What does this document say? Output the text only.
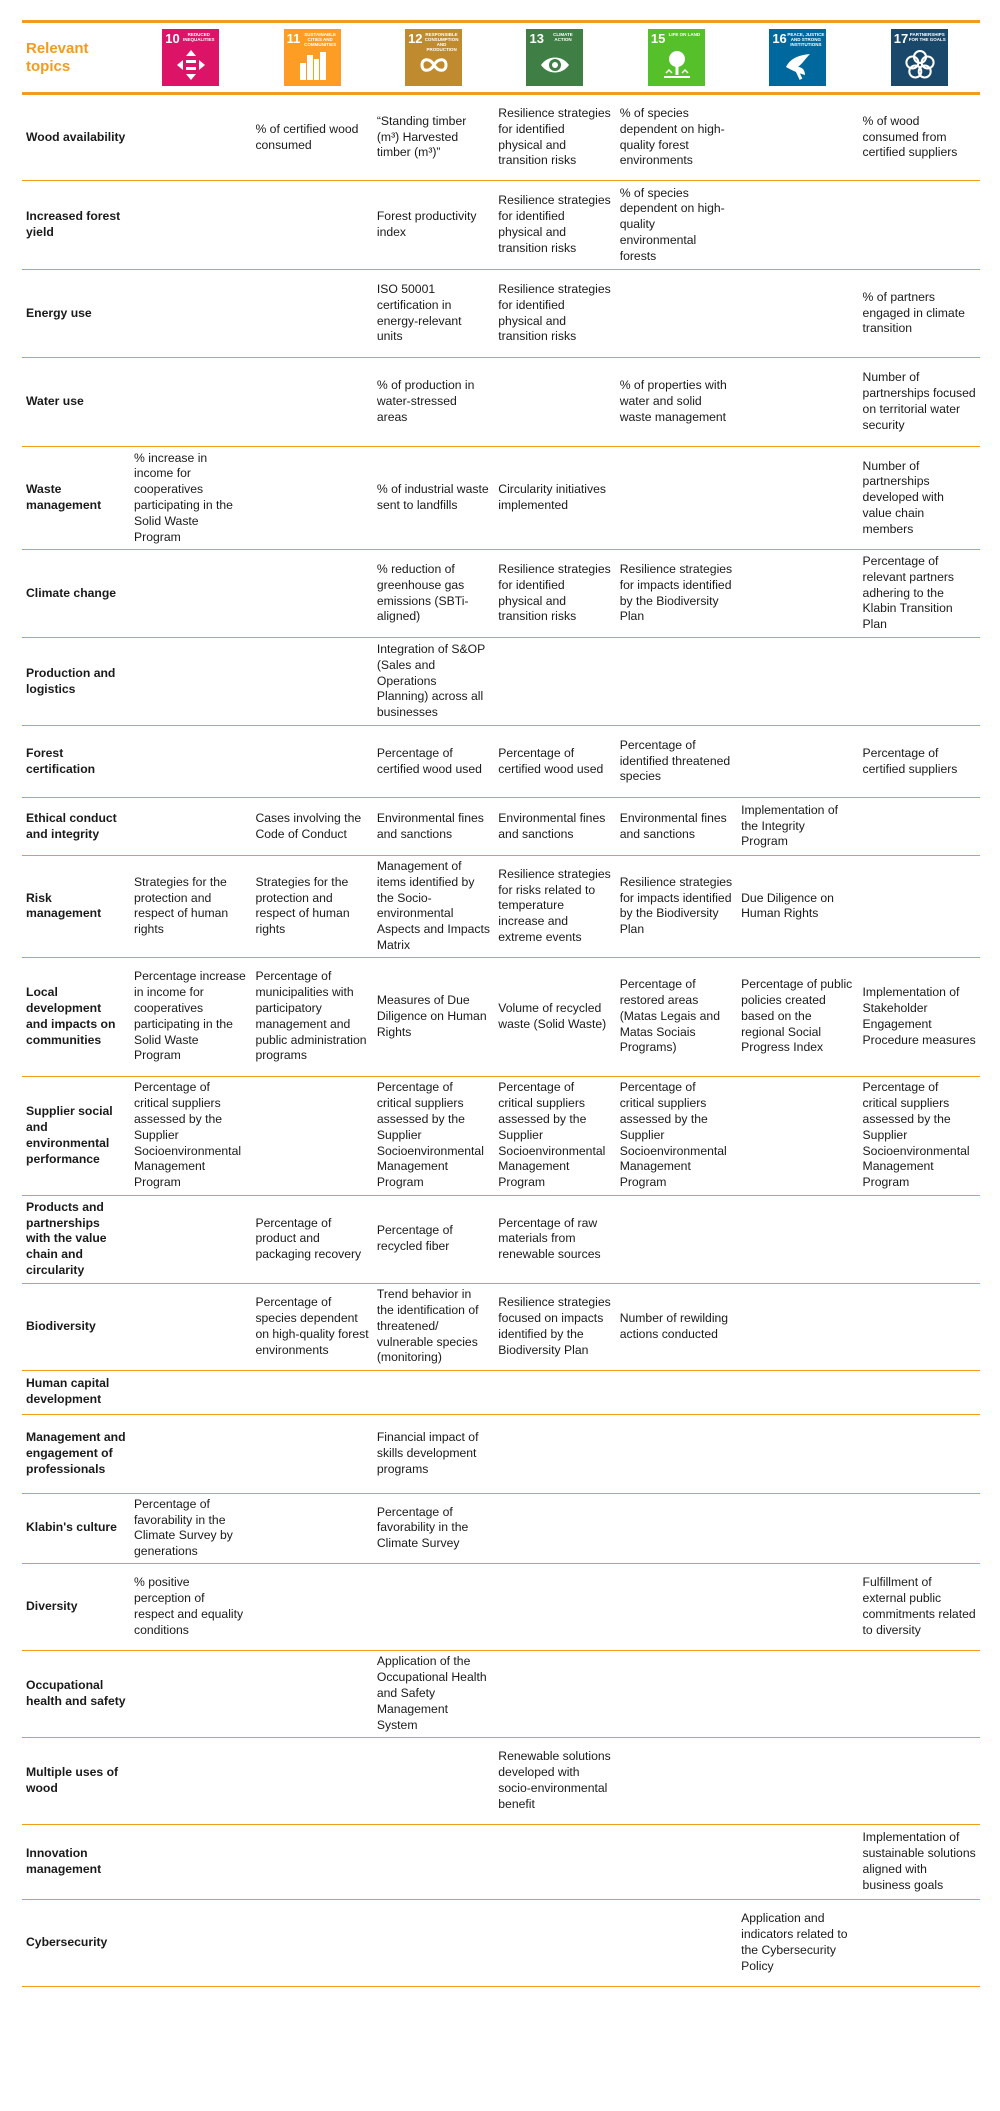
Relevant topics	10 REDUCED INEQUALITIES	11 SUSTAINABLE CITIES AND COMMUNITIES	12 RESPONSIBLE CONSUMPTION AND PRODUCTION	13 CLIMATE ACTION	15 LIFE ON LAND	16 PEACE, JUSTICE AND STRONG INSTITUTIONS	17 PARTNERSHIPS FOR THE GOALS

Wood availability		% of certified wood consumed	“Standing timber (m³) Harvested timber (m³)”	Resilience strategies for identified physical and transition risks	% of species dependent on high-quality forest environments		% of wood consumed from certified suppliers
Increased forest yield			Forest productivity index	Resilience strategies for identified physical and transition risks	% of species dependent on high-quality environmental forests		
Energy use			ISO 50001 certification in energy-relevant units	Resilience strategies for identified physical and transition risks			% of partners engaged in climate transition
Water use			% of production in water-stressed areas		% of properties with water and solid waste management		Number of partnerships focused on territorial water security
Waste management	% increase in income for cooperatives participating in the Solid Waste Program		% of industrial waste sent to landfills	Circularity initiatives implemented			Number of partnerships developed with value chain members
Climate change			% reduction of greenhouse gas emissions (SBTi-aligned)	Resilience strategies for identified physical and transition risks	Resilience strategies for impacts identified by the Biodiversity Plan		Percentage of relevant partners adhering to the Klabin Transition Plan
Production and logistics			Integration of S&OP (Sales and Operations Planning) across all businesses				
Forest certification			Percentage of certified wood used	Percentage of certified wood used	Percentage of identified threatened species		Percentage of certified suppliers
Ethical conduct and integrity		Cases involving the Code of Conduct	Environmental fines and sanctions	Environmental fines and sanctions	Environmental fines and sanctions	Implementation of the Integrity Program	
Risk management	Strategies for the protection and respect of human rights	Strategies for the protection and respect of human rights	Management of items identified by the Socio-environmental Aspects and Impacts Matrix	Resilience strategies for risks related to temperature increase and extreme events	Resilience strategies for impacts identified by the Biodiversity Plan	Due Diligence on Human Rights	
Local development and impacts on communities	Percentage increase in income for cooperatives participating in the Solid Waste Program	Percentage of municipalities with participatory management and public administration programs	Measures of Due Diligence on Human Rights	Volume of recycled waste (Solid Waste)	Percentage of restored areas (Matas Legais and Matas Sociais Programs)	Percentage of public policies created based on the regional Social Progress Index	Implementation of Stakeholder Engagement Procedure measures
Supplier social and environmental performance	Percentage of critical suppliers assessed by the Supplier Socioenvironmental Management Program		Percentage of critical suppliers assessed by the Supplier Socioenvironmental Management Program	Percentage of critical suppliers assessed by the Supplier Socioenvironmental Management Program	Percentage of critical suppliers assessed by the Supplier Socioenvironmental Management Program		Percentage of critical suppliers assessed by the Supplier Socioenvironmental Management Program
Products and partnerships with the value chain and circularity		Percentage of product and packaging recovery	Percentage of recycled fiber	Percentage of raw materials from renewable sources			
Biodiversity		Percentage of species dependent on high-quality forest environments	Trend behavior in the identification of threatened/ vulnerable species (monitoring)	Resilience strategies focused on impacts identified by the Biodiversity Plan	Number of rewilding actions conducted		
Human capital development							
Management and engagement of professionals			Financial impact of skills development programs				
Klabin's culture	Percentage of favorability in the Climate Survey by generations		Percentage of favorability in the Climate Survey				
Diversity	% positive perception of respect and equality conditions						Fulfillment of external public commitments related to diversity
Occupational health and safety			Application of the Occupational Health and Safety Management System				
Multiple uses of wood				Renewable solutions developed with socio-environmental benefit			
Innovation management							Implementation of sustainable solutions aligned with business goals
Cybersecurity						Application and indicators related to the Cybersecurity Policy	
